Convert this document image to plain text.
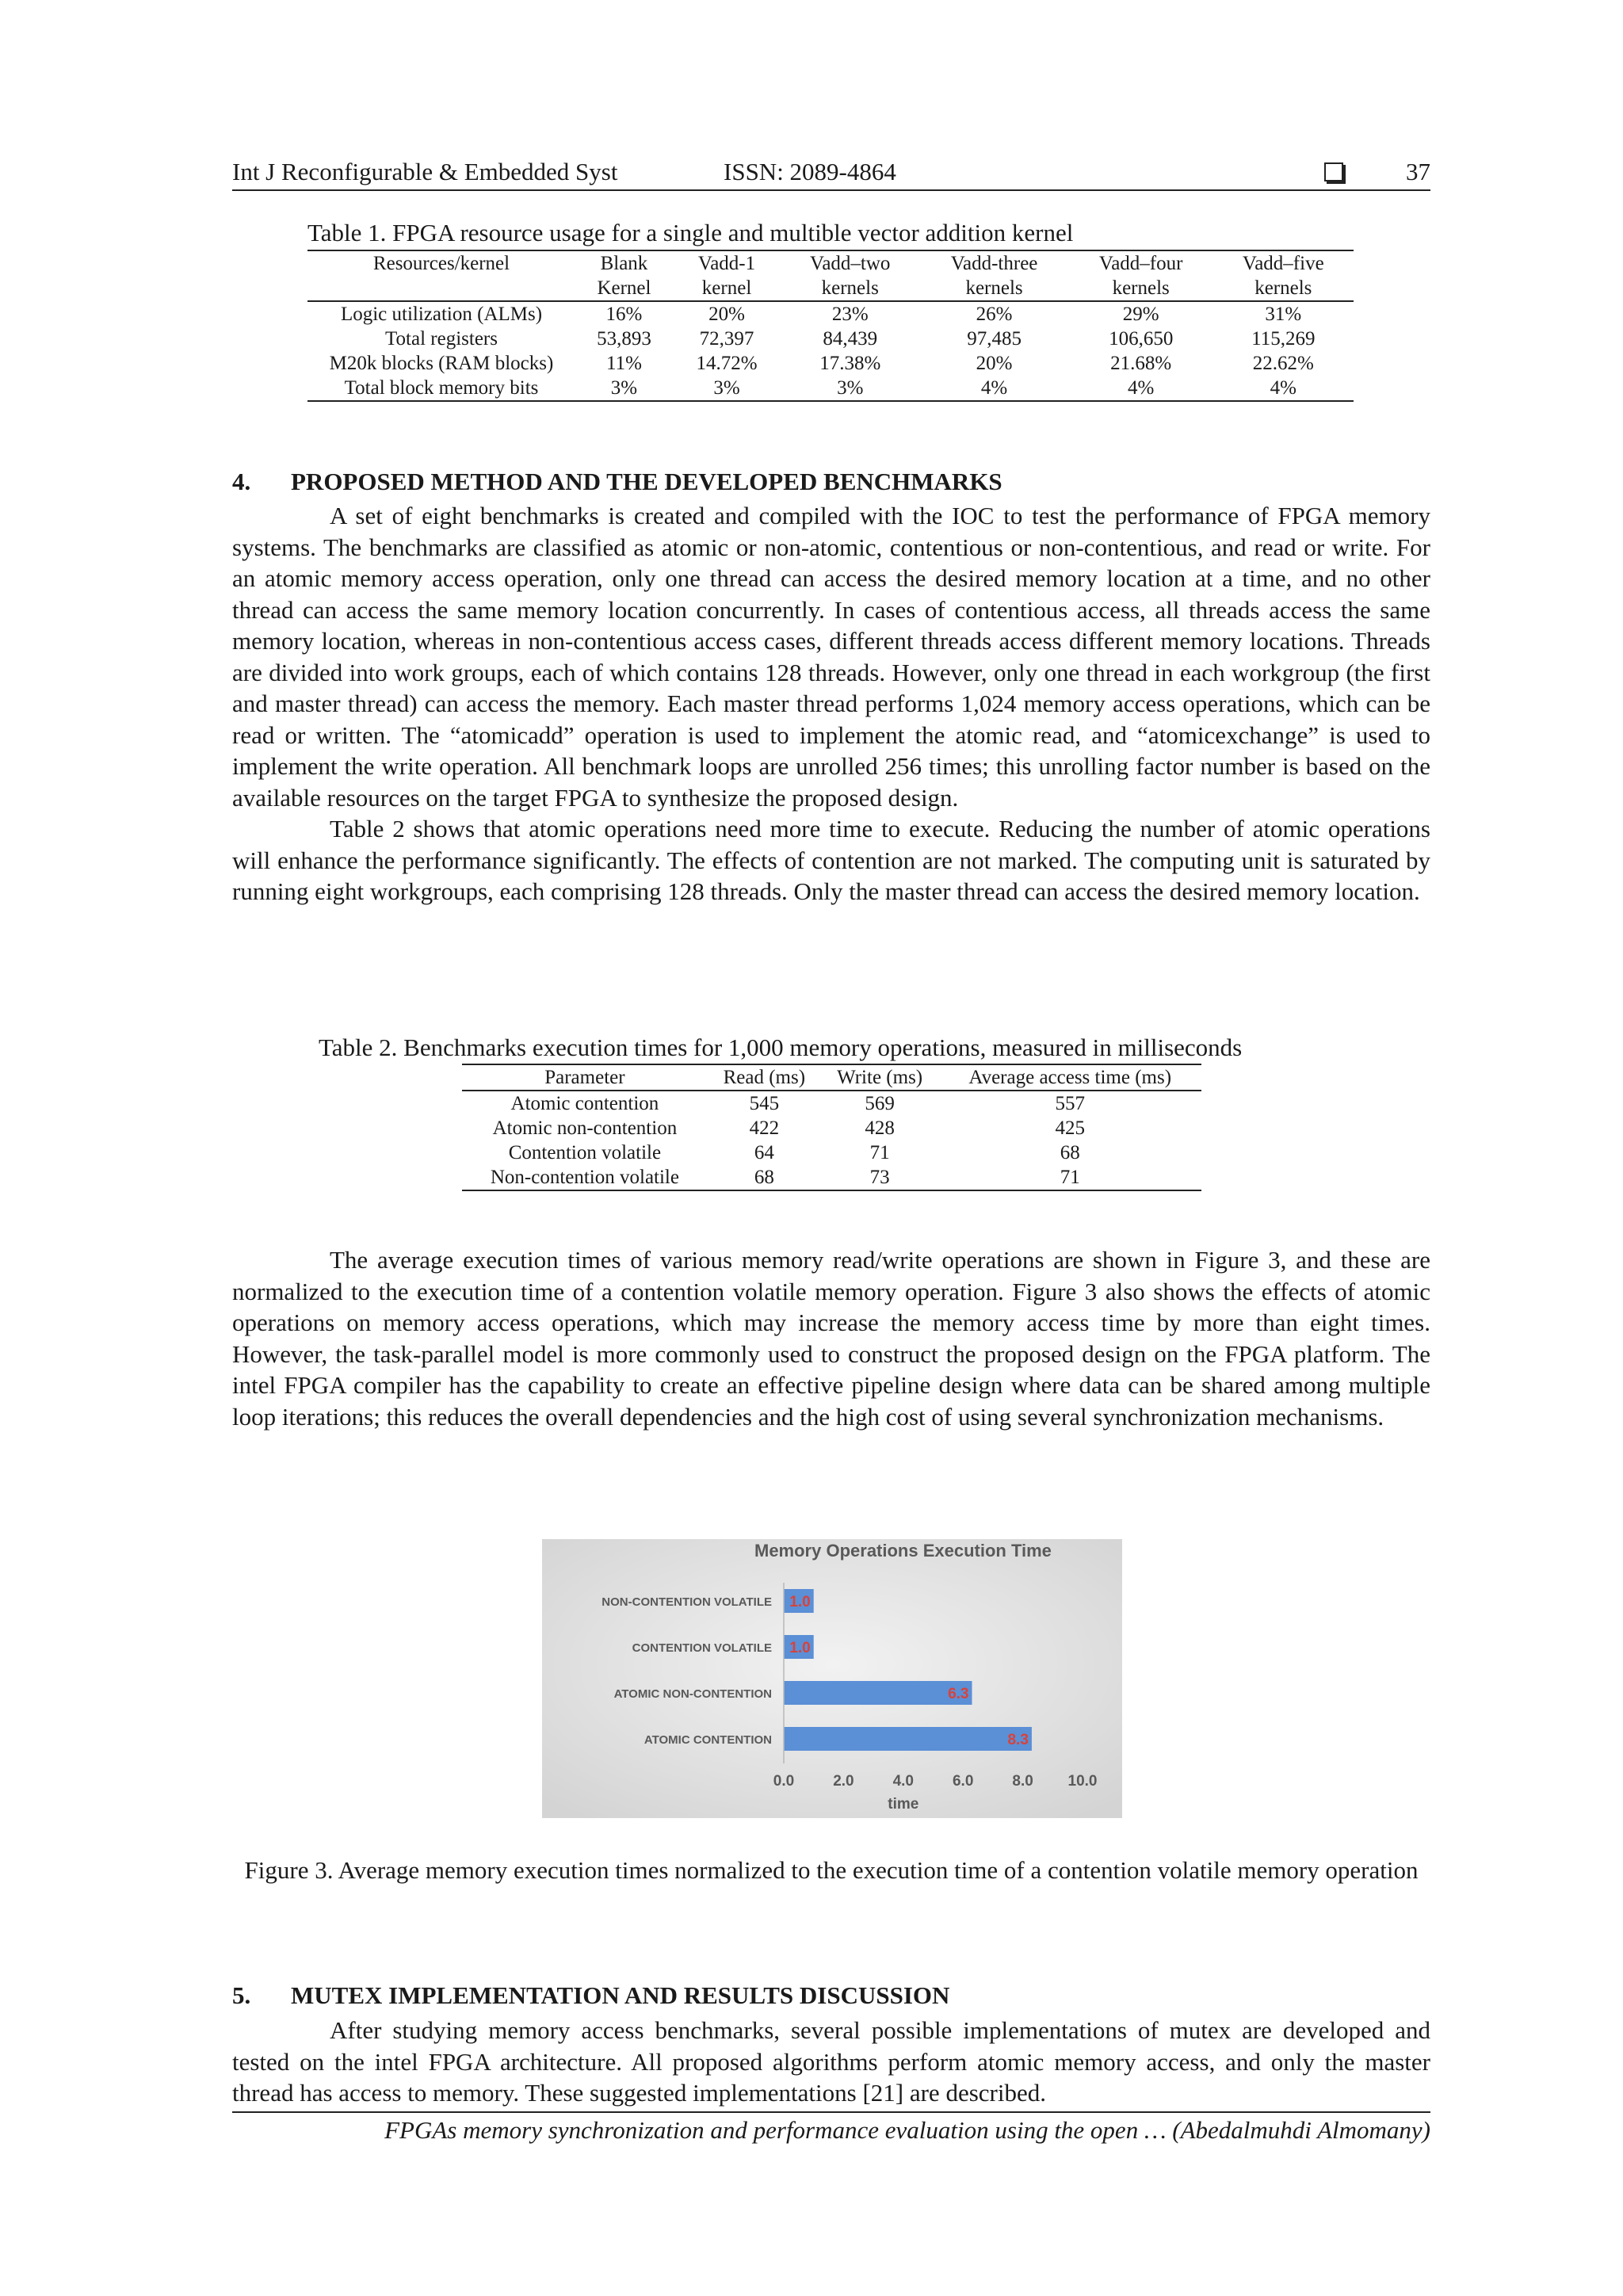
Int J Reconfigurable & Embedded Syst	ISSN: 2089-4864	37
Table 1. FPGA resource usage for a single and multible vector addition kernel
Resources/kernel	Blank	Vadd-1	Vadd–two	Vadd-three	Vadd–four	Vadd–five
	Kernel	kernel	kernels	kernels	kernels	kernels
Logic utilization (ALMs)	16%	20%	23%	26%	29%	31%
Total registers	53,893	72,397	84,439	97,485	106,650	115,269
M20k blocks (RAM blocks)	11%	14.72%	17.38%	20%	21.68%	22.62%
Total block memory bits	3%	3%	3%	4%	4%	4%
4. PROPOSED METHOD AND THE DEVELOPED BENCHMARKS

A set of eight benchmarks is created and compiled with the IOC to test the performance of FPGA memory systems. The benchmarks are classified as atomic or non-atomic, contentious or non-contentious, and read or write. For an atomic memory access operation, only one thread can access the desired memory location at a time, and no other thread can access the same memory location concurrently. In cases of contentious access, all threads access the same memory location, whereas in non-contentious access cases, different threads access different memory locations. Threads are divided into work groups, each of which contains 128 threads. However, only one thread in each workgroup (the first and master thread) can access the memory. Each master thread performs 1,024 memory access operations, which can be read or written. The “atomicadd” operation is used to implement the atomic read, and “atomicexchange” is used to implement the write operation. All benchmark loops are unrolled 256 times; this unrolling factor number is based on the available resources on the target FPGA to synthesize the proposed design.

Table 2 shows that atomic operations need more time to execute. Reducing the number of atomic operations will enhance the performance significantly. The effects of contention are not marked. The computing unit is saturated by running eight workgroups, each comprising 128 threads. Only the master thread can access the desired memory location.

Table 2. Benchmarks execution times for 1,000 memory operations, measured in milliseconds
Parameter	Read (ms)	Write (ms)	Average access time (ms)
Atomic contention	545	569	557
Atomic non-contention	422	428	425
Contention volatile	64	71	68
Non-contention volatile	68	73	71

The average execution times of various memory read/write operations are shown in Figure 3, and these are normalized to the execution time of a contention volatile memory operation. Figure 3 also shows the effects of atomic operations on memory access operations, which may increase the memory access time by more than eight times. However, the task-parallel model is more commonly used to construct the proposed design on the FPGA platform. The intel FPGA compiler has the capability to create an effective pipeline design where data can be shared among multiple loop iterations; this reduces the overall dependencies and the high cost of using several synchronization mechanisms.

Memory Operations Execution Time
NON-CONTENTION VOLATILE 1.0
CONTENTION VOLATILE 1.0
ATOMIC NON-CONTENTION	6.3
ATOMIC CONTENTION	8.3
0.0	2.0	4.0	6.0	8.0 10.0
time
Figure 3. Average memory execution times normalized to the execution time of a contention volatile memory operation
5. MUTEX IMPLEMENTATION AND RESULTS DISCUSSION

After studying memory access benchmarks, several possible implementations of mutex are developed and tested on the intel FPGA architecture. All proposed algorithms perform atomic memory access, and only the master thread has access to memory. These suggested implementations [21] are described.

FPGAs memory synchronization and performance evaluation using the open … (Abedalmuhdi Almomany)
